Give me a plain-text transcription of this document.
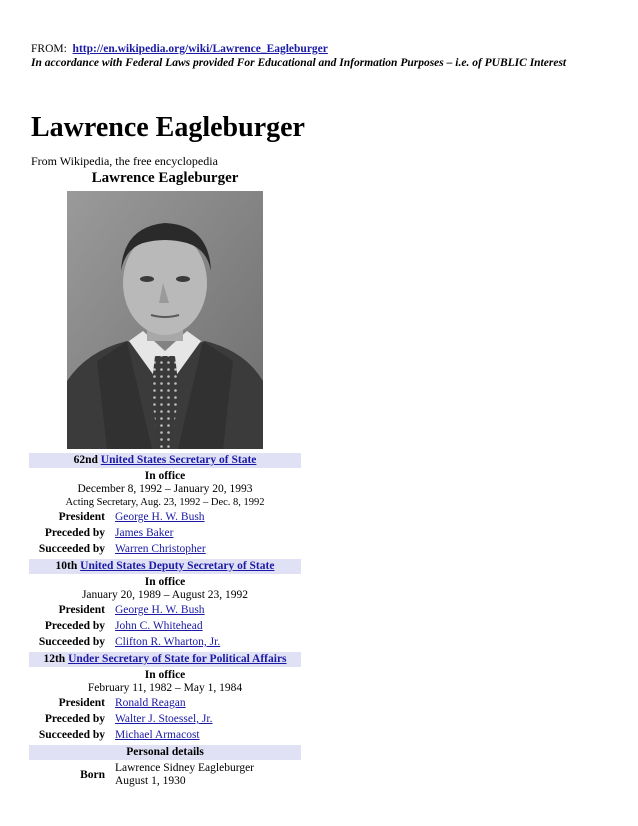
FROM: http://en.wikipedia.org/wiki/Lawrence_Eagleburger
In accordance with Federal Laws provided For Educational and Information Purposes – i.e. of PUBLIC Interest
Lawrence Eagleburger
From Wikipedia, the free encyclopedia
Lawrence Eagleburger
62nd United States Secretary of State
In office
December 8, 1992 – January 20, 1993
Acting Secretary, Aug. 23, 1992 – Dec. 8, 1992
President George H. W. Bush
Preceded by James Baker
Succeeded by Warren Christopher
10th United States Deputy Secretary of State
In office
January 20, 1989 – August 23, 1992
President George H. W. Bush
Preceded by John C. Whitehead
Succeeded by Clifton R. Wharton, Jr.
12th Under Secretary of State for Political Affairs
In office
February 11, 1982 – May 1, 1984
President Ronald Reagan
Preceded by Walter J. Stoessel, Jr.
Succeeded by Michael Armacost
Personal details
Born
Lawrence Sidney Eagleburger
August 1, 1930
